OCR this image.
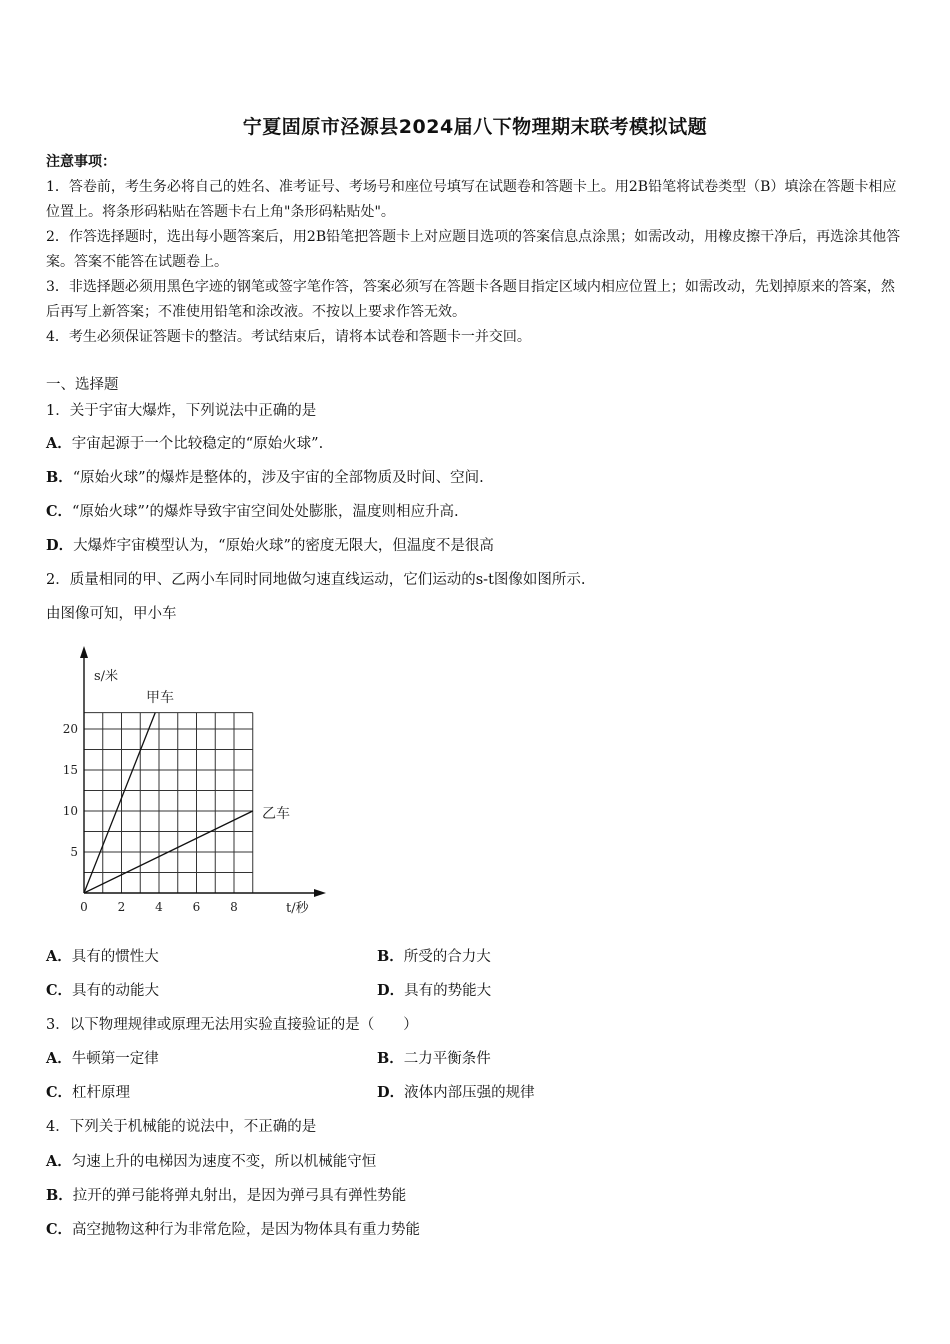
宁夏固原市泾源县2024届八下物理期末联考模拟试题

注意事项：

1．答卷前，考生务必将自己的姓名、准考证号、考场号和座位号填写在试题卷和答题卡上。用2B铅笔将试卷类型（B）填涂在答题卡相应位置上。将条形码粘贴在答题卡右上角"条形码粘贴处"。

2．作答选择题时，选出每小题答案后，用2B铅笔把答题卡上对应题目选项的答案信息点涂黑；如需改动，用橡皮擦干净后，再选涂其他答案。答案不能答在试题卷上。

3．非选择题必须用黑色字迹的钢笔或签字笔作答，答案必须写在答题卡各题目指定区域内相应位置上；如需改动，先划掉原来的答案，然后再写上新答案；不准使用铅笔和涂改液。不按以上要求作答无效。

4．考生必须保证答题卡的整洁。考试结束后，请将本试卷和答题卡一并交回。

一、选择题
1．关于宇宙大爆炸，下列说法中正确的是
A．宇宙起源于一个比较稳定的“原始火球”.
B．“原始火球”的爆炸是整体的，涉及宇宙的全部物质及时间、空间.
C．“原始火球”’的爆炸导致宇宙空间处处膨胀，温度则相应升高.
D．大爆炸宇宙模型认为，“原始火球”的密度无限大，但温度不是很高
2．质量相同的甲、乙两小车同时同地做匀速直线运动，它们运动的s-t图像如图所示.
由图像可知，甲小车
0 2 4 6 8
5
10
15
20
s/米
t/秒
甲车
乙车
A．具有的惯性大	B．所受的合力大
C．具有的动能大	D．具有的势能大
3．以下物理规律或原理无法用实验直接验证的是（　　）
A．牛顿第一定律	B．二力平衡条件
C．杠杆原理	D．液体内部压强的规律
4．下列关于机械能的说法中，不正确的是
A．匀速上升的电梯因为速度不变，所以机械能守恒
B．拉开的弹弓能将弹丸射出，是因为弹弓具有弹性势能
C．高空抛物这种行为非常危险，是因为物体具有重力势能
